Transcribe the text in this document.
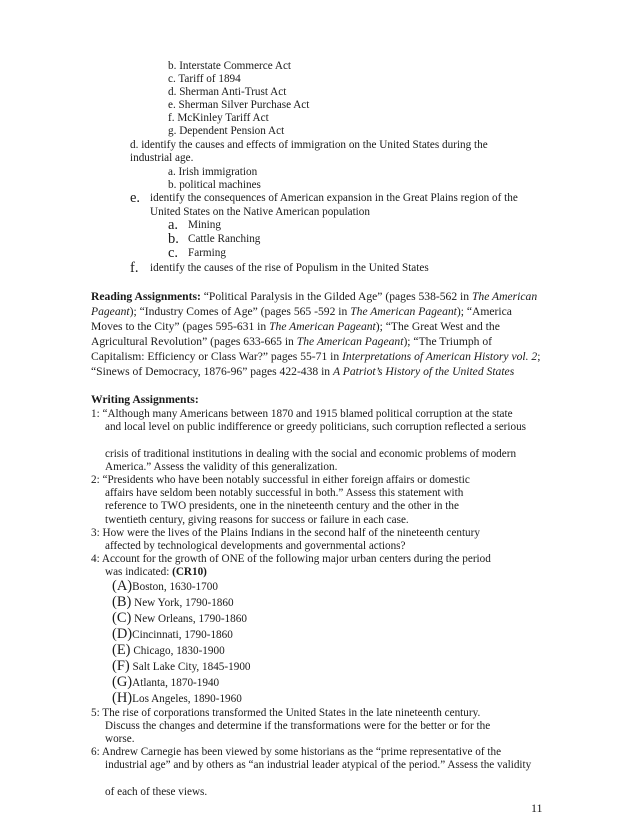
b. Interstate Commerce Act
c. Tariff of 1894
d. Sherman Anti-Trust Act
e. Sherman Silver Purchase Act
f. McKinley Tariff Act
g. Dependent Pension Act
d. identify the causes and effects of immigration on the United States during the
industrial age.
a. Irish immigration
b. political machines
e. identify the consequences of American expansion in the Great Plains region of the
United States on the Native American population
a. Mining
b. Cattle Ranching
c. Farming
f. identify the causes of the rise of Populism in the United States
Reading Assignments: “Political Paralysis in the Gilded Age” (pages 538-562 in The American
Pageant); “Industry Comes of Age” (pages 565 -592 in The American Pageant); “America
Moves to the City” (pages 595-631 in The American Pageant); “The Great West and the
Agricultural Revolution” (pages 633-665 in The American Pageant); “The Triumph of
Capitalism: Efficiency or Class War?” pages 55-71 in Interpretations of American History vol. 2;
“Sinews of Democracy, 1876-96” pages 422-438 in A Patriot’s History of the United States
Writing Assignments:
1: “Although many Americans between 1870 and 1915 blamed political corruption at the state
and local level on public indifference or greedy politicians, such corruption reflected a serious
crisis of traditional institutions in dealing with the social and economic problems of modern
America.” Assess the validity of this generalization.
2: “Presidents who have been notably successful in either foreign affairs or domestic
affairs have seldom been notably successful in both.” Assess this statement with
reference to TWO presidents, one in the nineteenth century and the other in the
twentieth century, giving reasons for success or failure in each case.
3: How were the lives of the Plains Indians in the second half of the nineteenth century
affected by technological developments and governmental actions?
4: Account for the growth of ONE of the following major urban centers during the period
was indicated: (CR10)
(A)Boston, 1630-1700
(B) New York, 1790-1860
(C) New Orleans, 1790-1860
(D)Cincinnati, 1790-1860
(E) Chicago, 1830-1900
(F) Salt Lake City, 1845-1900
(G)Atlanta, 1870-1940
(H)Los Angeles, 1890-1960
5: The rise of corporations transformed the United States in the late nineteenth century.
Discuss the changes and determine if the transformations were for the better or for the
worse.
6: Andrew Carnegie has been viewed by some historians as the “prime representative of the
industrial age” and by others as “an industrial leader atypical of the period.” Assess the validity
of each of these views.
11
